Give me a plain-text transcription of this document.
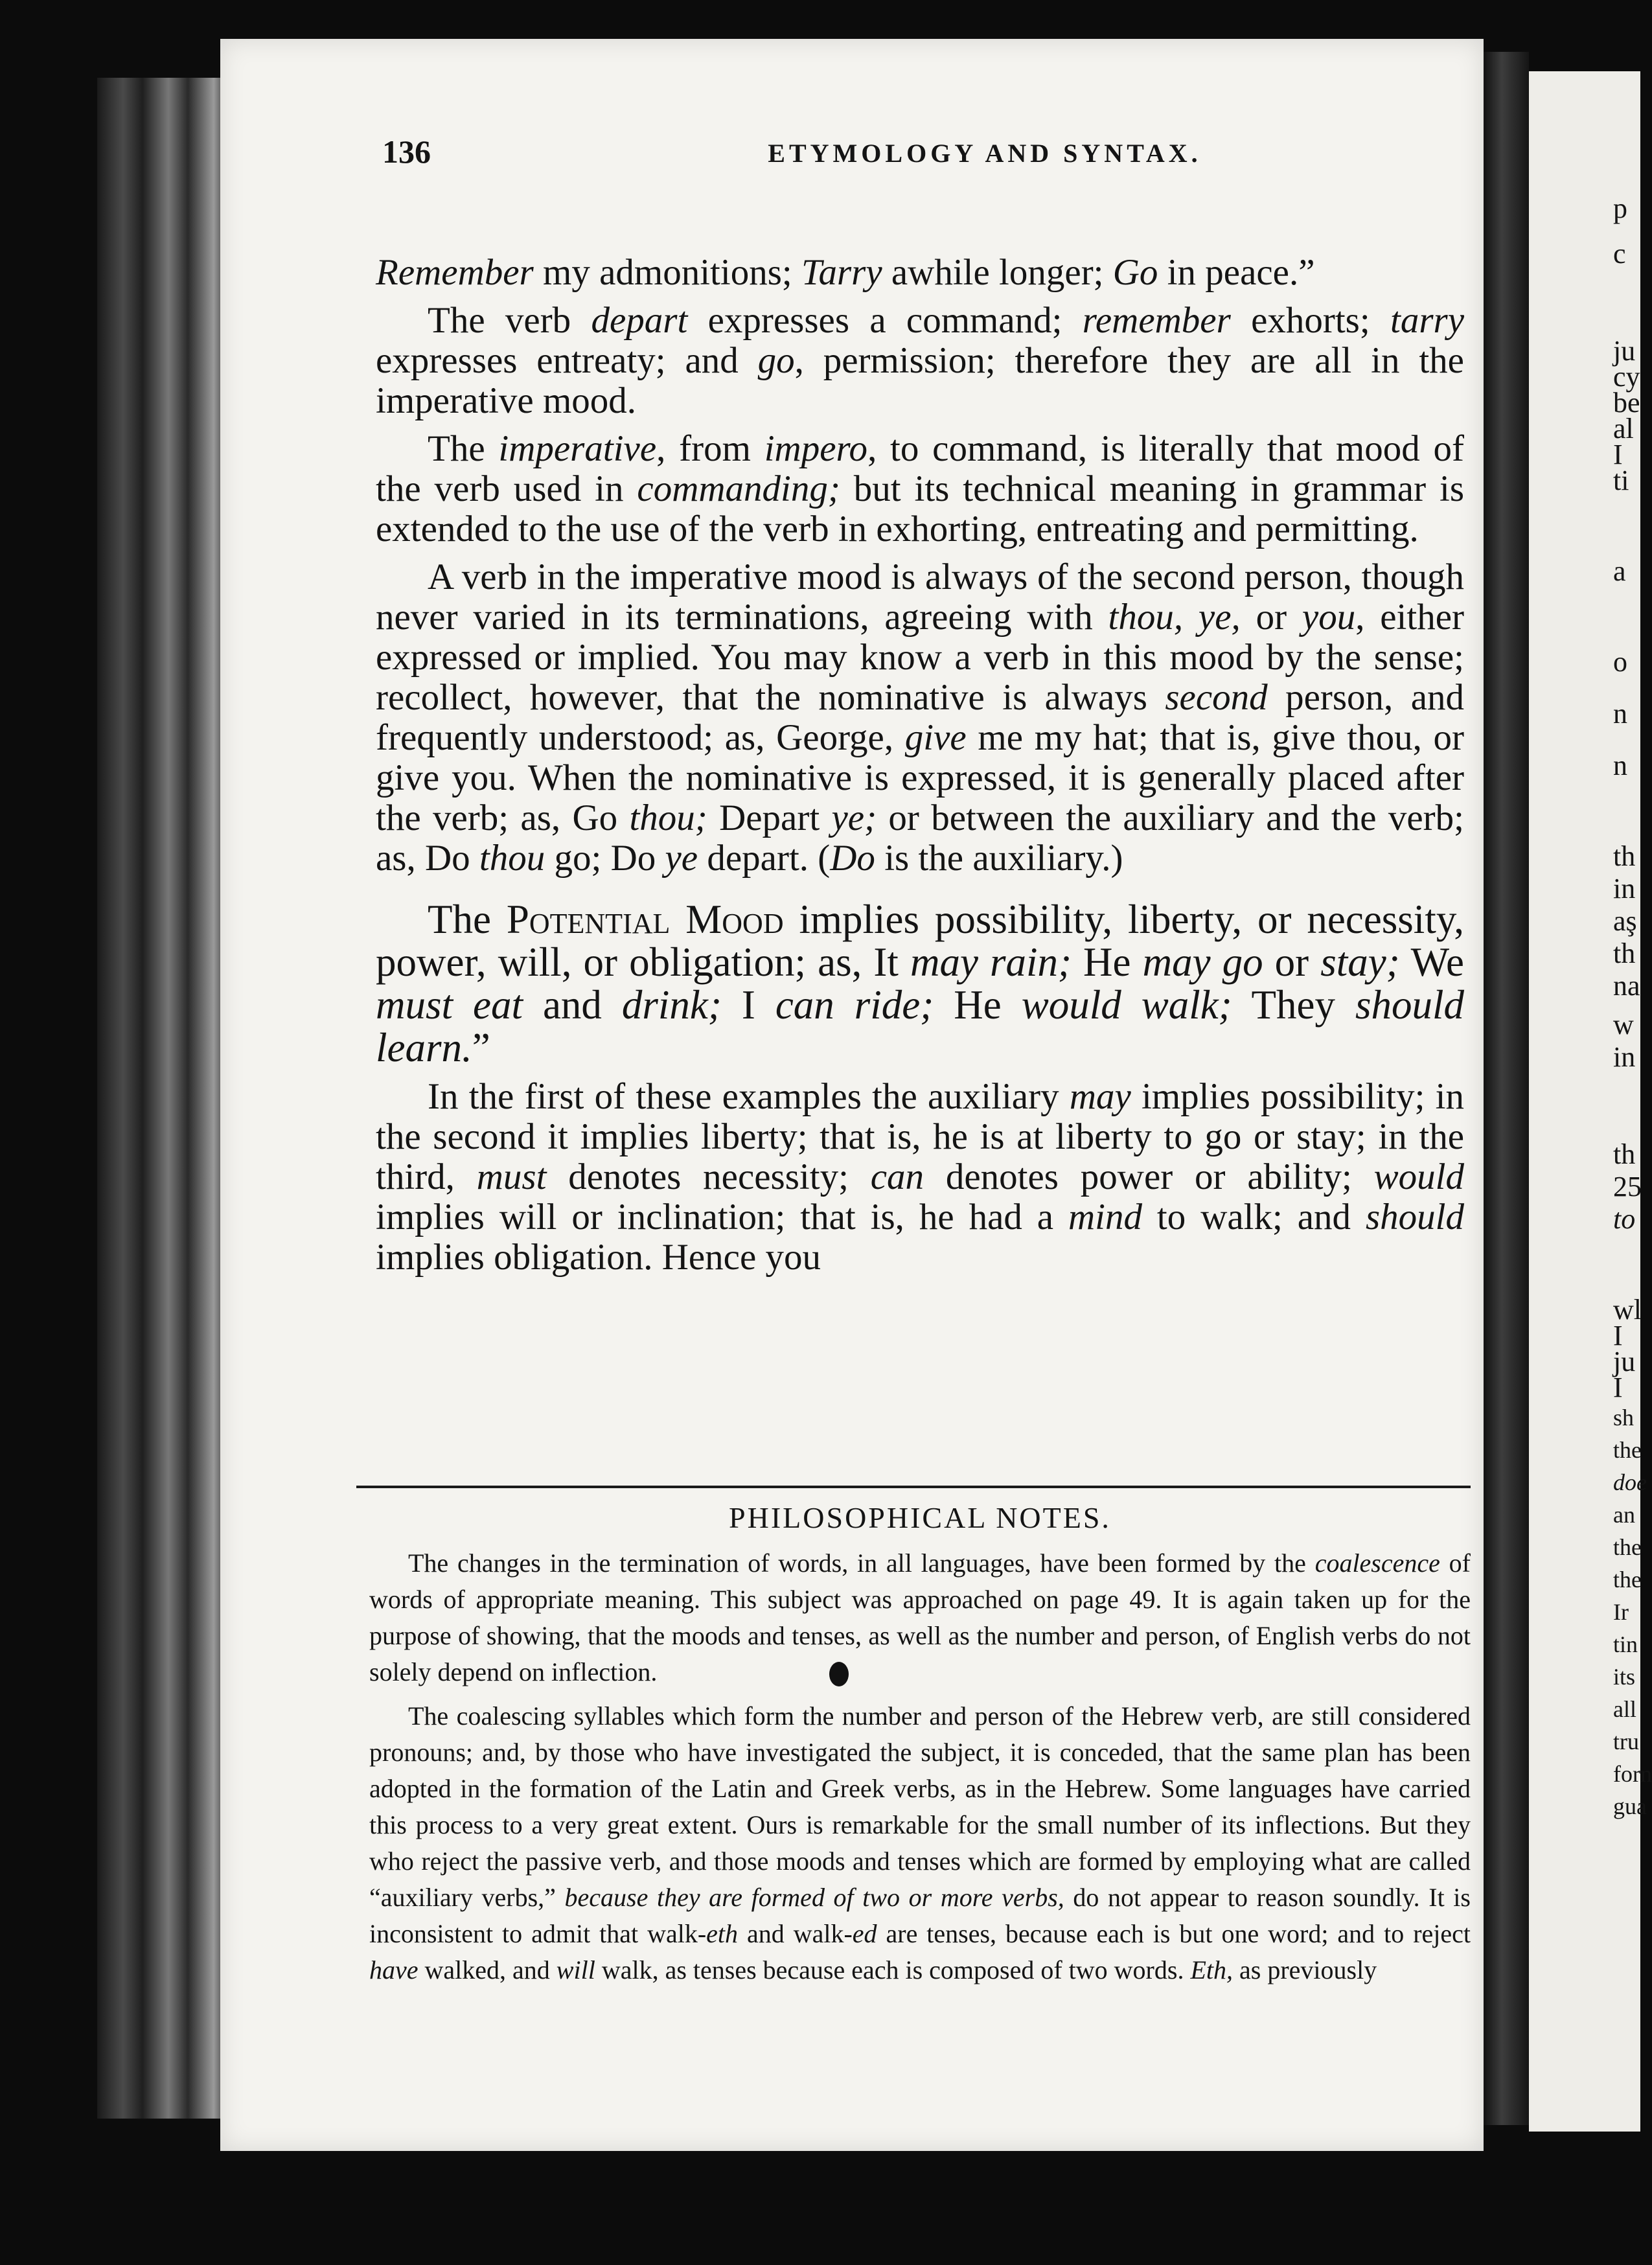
136	ETYMOLOGY AND SYNTAX.

Remember my admonitions; Tarry awhile longer; Go in peace.”

The verb depart expresses a command; remember exhorts; tarry expresses entreaty; and go, permission; therefore they are all in the imperative mood.

The imperative, from impero, to command, is literally that mood of the verb used in commanding; but its technical meaning in grammar is extended to the use of the verb in exhorting, entreating and permitting.

A verb in the imperative mood is always of the second person, though never varied in its terminations, agreeing with thou, ye, or you, either expressed or implied. You may know a verb in this mood by the sense; recollect, however, that the nominative is always second person, and frequently understood; as, George, give me my hat; that is, give thou, or give you. When the nominative is expressed, it is generally placed after the verb; as, Go thou; Depart ye; or between the auxiliary and the verb; as, Do thou go; Do ye depart. (Do is the auxiliary.)

The Potential Mood implies possibility, liberty, or necessity, power, will, or obligation; as, It may rain; He may go or stay; We must eat and drink; I can ride; He would walk; They should learn.”

In the first of these examples the auxiliary may implies possibility; in the second it implies liberty; that is, he is at liberty to go or stay; in the third, must denotes necessity; can denotes power or ability; would implies will or inclination; that is, he had a mind to walk; and should implies obligation. Hence you

PHILOSOPHICAL NOTES.

The changes in the termination of words, in all languages, have been formed by the coalescence of words of appropriate meaning. This subject was approached on page 49. It is again taken up for the purpose of showing, that the moods and tenses, as well as the number and person, of English verbs do not solely depend on inflection.

The coalescing syllables which form the number and person of the Hebrew verb, are still considered pronouns; and, by those who have investigated the subject, it is conceded, that the same plan has been adopted in the formation of the Latin and Greek verbs, as in the Hebrew. Some languages have carried this process to a very great extent. Ours is remarkable for the small number of its inflections. But they who reject the passive verb, and those moods and tenses which are formed by employing what are called “auxiliary verbs,” because they are formed of two or more verbs, do not appear to reason soundly. It is inconsistent to admit that walk-eth and walk-ed are tenses, because each is but one word; and to reject have walked, and will walk, as tenses because each is composed of two words. Eth, as previously

p
c
ju
cy
be
al
I
ti
a
o
n
n
th
in
aş
th
na
w
in
th
25
to
wl
I
ju
I
sh
the
doe
an
the
the
Ir
tin
its
all
tru
forn
gua
